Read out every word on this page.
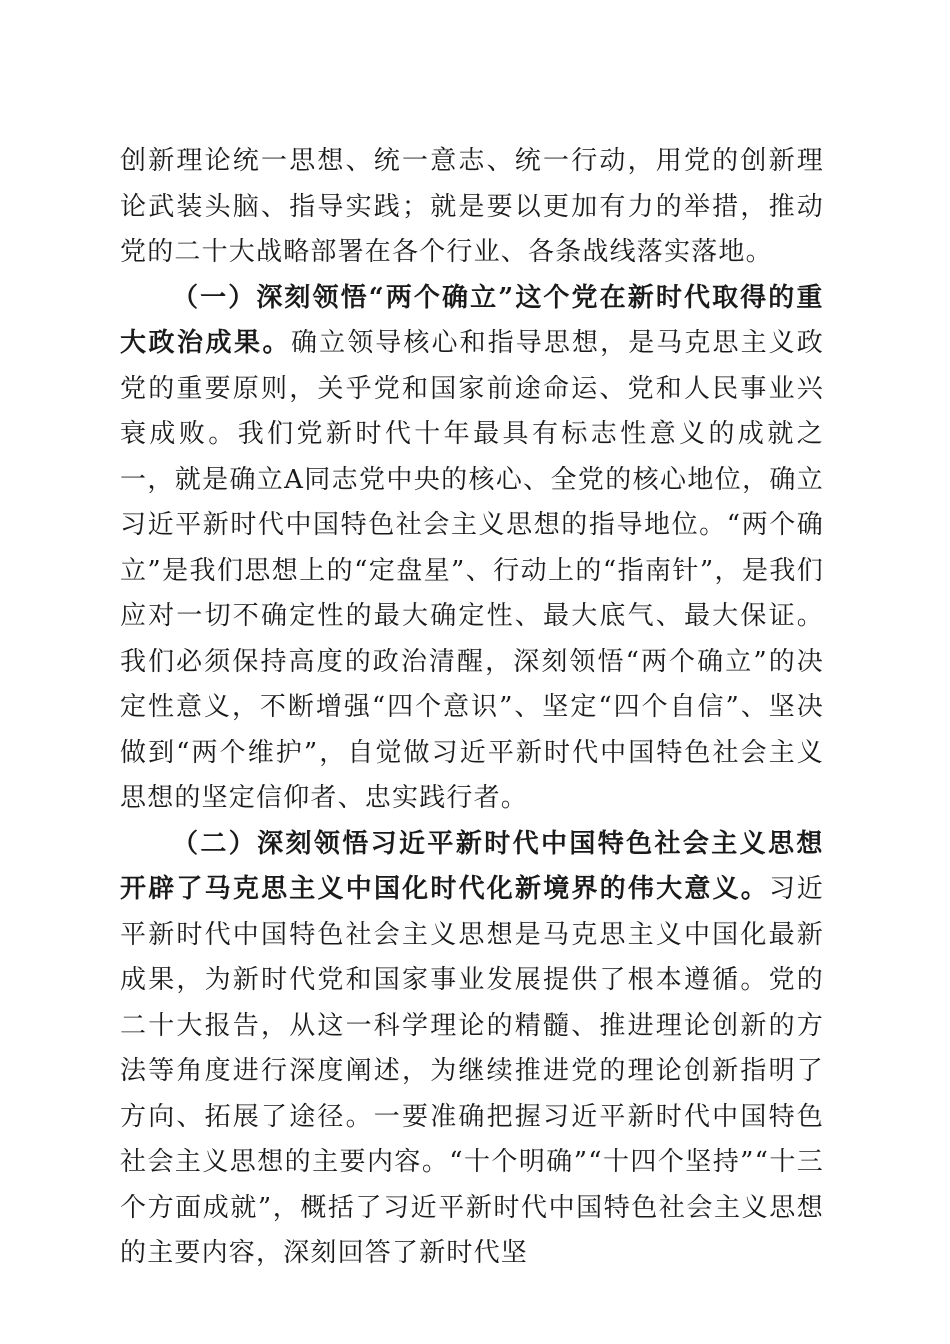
创新理论统一思想、统一意志、统一行动，用党的创新理论武装头脑、指导实践；就是要以更加有力的举措，推动党的二十大战略部署在各个行业、各条战线落实落地。

（一）深刻领悟“两个确立”这个党在新时代取得的重大政治成果。确立领导核心和指导思想，是马克思主义政党的重要原则，关乎党和国家前途命运、党和人民事业兴衰成败。我们党新时代十年最具有标志性意义的成就之一，就是确立A同志党中央的核心、全党的核心地位，确立习近平新时代中国特色社会主义思想的指导地位。“两个确立”是我们思想上的“定盘星”、行动上的“指南针”，是我们应对一切不确定性的最大确定性、最大底气、最大保证。我们必须保持高度的政治清醒，深刻领悟“两个确立”的决定性意义，不断增强“四个意识”、坚定“四个自信”、坚决做到“两个维护”，自觉做习近平新时代中国特色社会主义思想的坚定信仰者、忠实践行者。

（二）深刻领悟习近平新时代中国特色社会主义思想开辟了马克思主义中国化时代化新境界的伟大意义。习近平新时代中国特色社会主义思想是马克思主义中国化最新成果，为新时代党和国家事业发展提供了根本遵循。党的二十大报告，从这一科学理论的精髓、推进理论创新的方法等角度进行深度阐述，为继续推进党的理论创新指明了方向、拓展了途径。一要准确把握习近平新时代中国特色社会主义思想的主要内容。“十个明确”“十四个坚持”“十三个方面成就”，概括了习近平新时代中国特色社会主义思想的主要内容，深刻回答了新时代坚
